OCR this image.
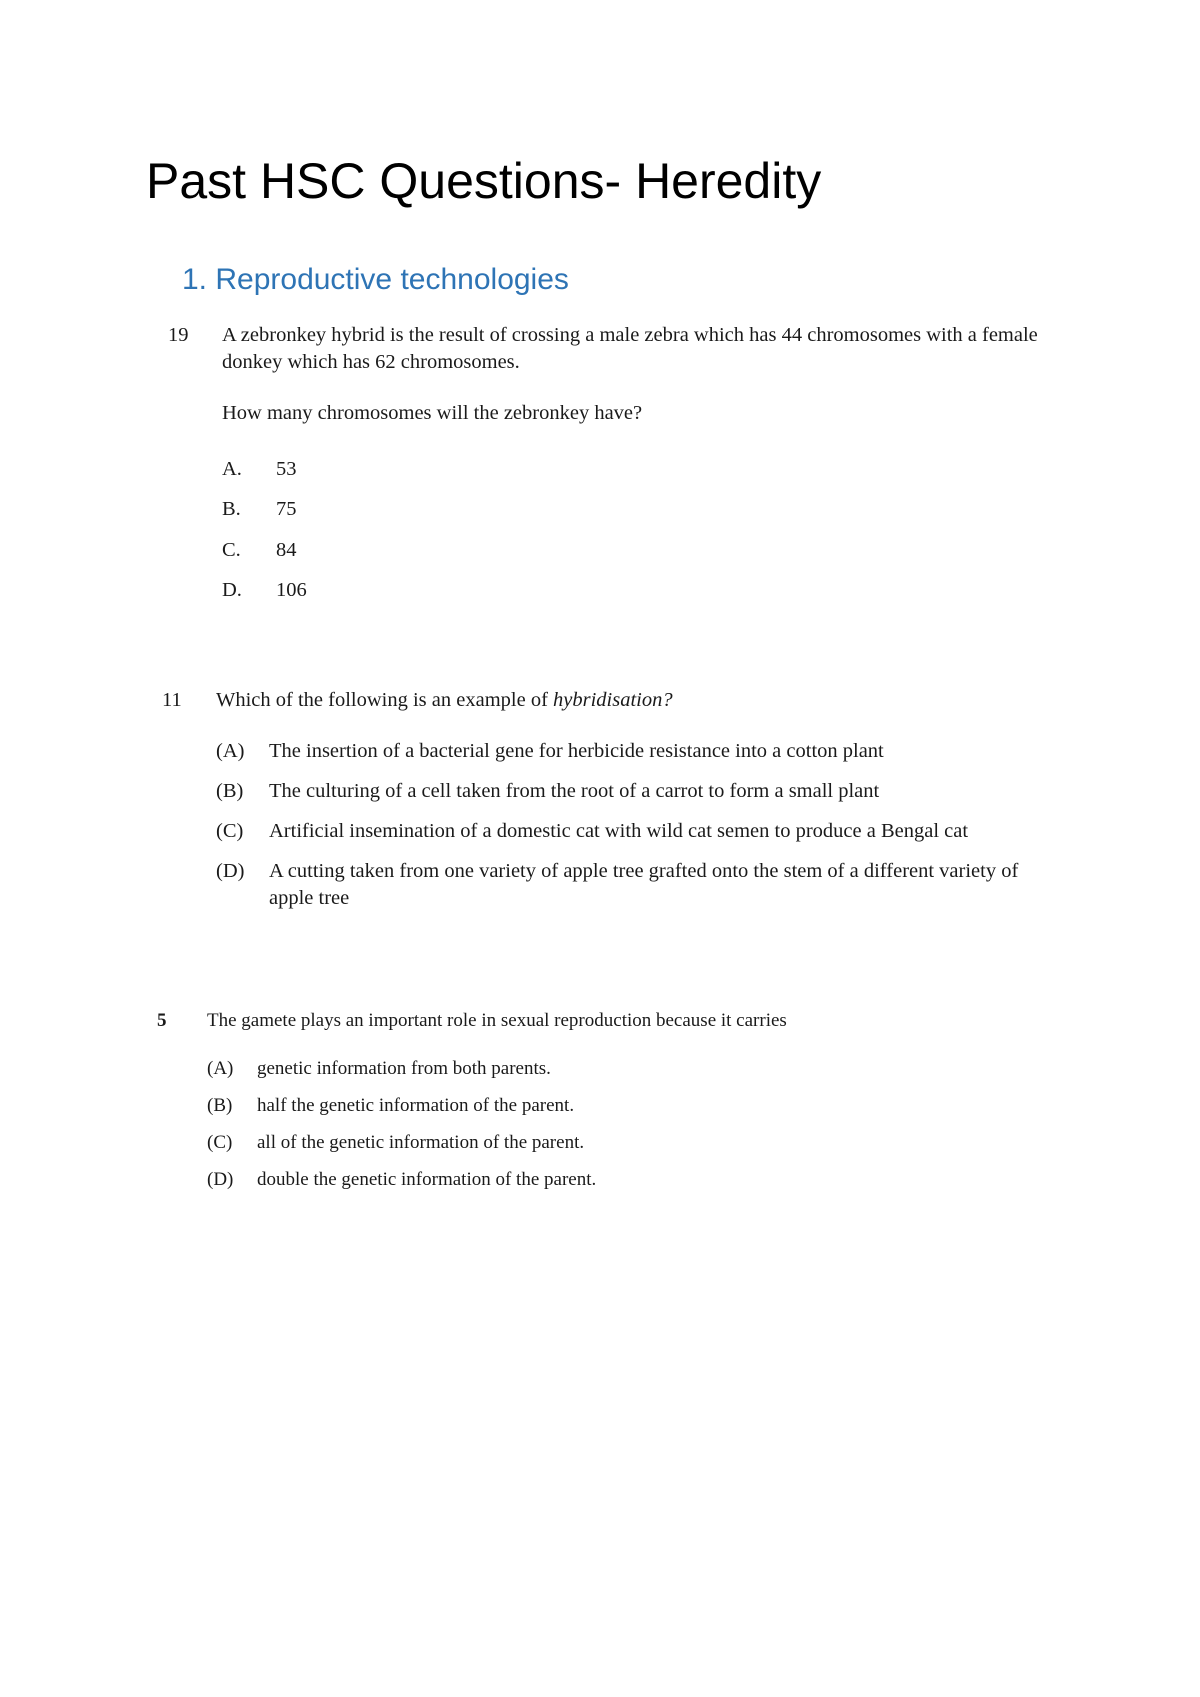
Past HSC Questions- Heredity
1. Reproductive technologies
19 A zebronkey hybrid is the result of crossing a male zebra which has 44 chromosomes with a female donkey which has 62 chromosomes.
How many chromosomes will the zebronkey have?
A. 53
B. 75
C. 84
D. 106
11 Which of the following is an example of hybridisation?
(A) The insertion of a bacterial gene for herbicide resistance into a cotton plant
(B) The culturing of a cell taken from the root of a carrot to form a small plant
(C) Artificial insemination of a domestic cat with wild cat semen to produce a Bengal cat
(D) A cutting taken from one variety of apple tree grafted onto the stem of a different variety of apple tree
5 The gamete plays an important role in sexual reproduction because it carries
(A) genetic information from both parents.
(B) half the genetic information of the parent.
(C) all of the genetic information of the parent.
(D) double the genetic information of the parent.
